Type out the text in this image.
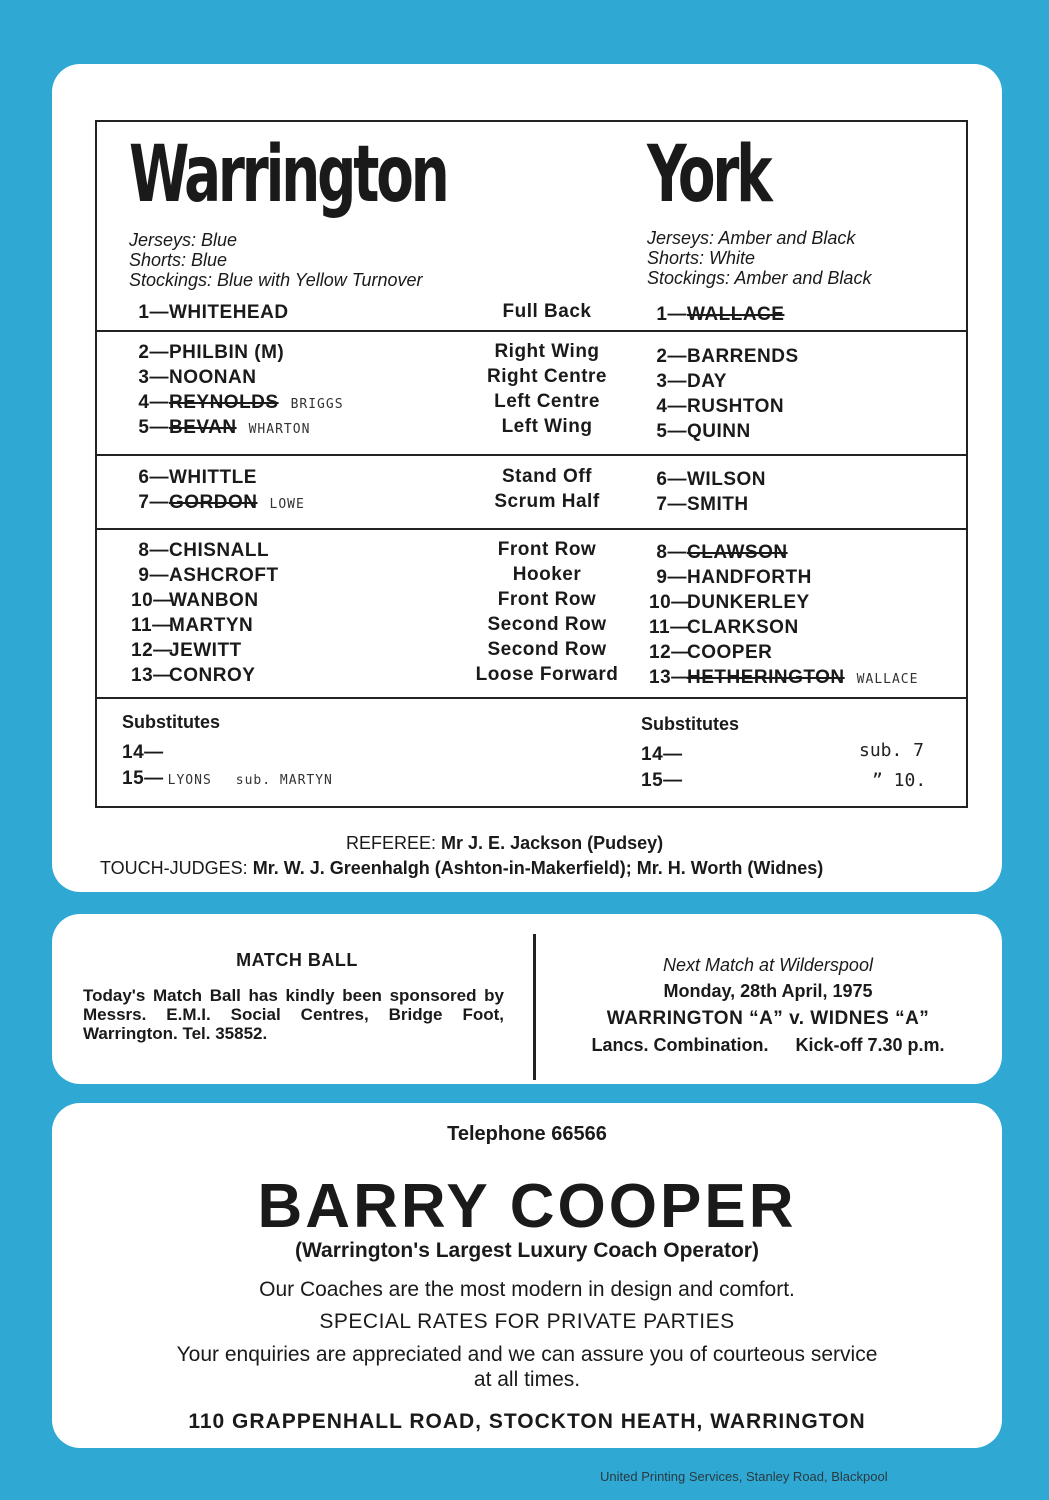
Warrington	York
Jerseys: Blue
Shorts: Blue
Stockings: Blue with Yellow Turnover
Jerseys: Amber and Black
Shorts: White
Stockings: Amber and Black
1—WHITEHEAD	Full Back	1—WALLACE
2—PHILBIN (M)	Right Wing	2—BARRENDS
3—NOONAN	Right Centre	3—DAY
4—REYNOLDS BRIGGS	Left Centre	4—RUSHTON
5—BEVAN WHARTON	Left Wing	5—QUINN
6—WHITTLE	Stand Off	6—WILSON
7—GORDON LOWE	Scrum Half	7—SMITH
8—CHISNALL	Front Row	8—CLAWSON
9—ASHCROFT	Hooker	9—HANDFORTH
10—WANBON	Front Row	10—DUNKERLEY
11—MARTYN	Second Row	11—CLARKSON
12—JEWITT	Second Row	12—COOPER
13—CONROY	Loose Forward	13—HETHERINGTON WALLACE
Substitutes	Substitutes
14—
15— LYONS sub. MARTYN
14—	sub. 7
15—	” 10.
REFEREE: Mr J. E. Jackson (Pudsey)
TOUCH-JUDGES: Mr. W. J. Greenhalgh (Ashton-in-Makerfield); Mr. H. Worth (Widnes)
MATCH BALL
Today's Match Ball has kindly been sponsored by Messrs. E.M.I. Social Centres, Bridge Foot, Warrington. Tel. 35852.
Next Match at Wilderspool
Monday, 28th April, 1975
WARRINGTON “A” v. WIDNES “A”
Lancs. Combination. Kick-off 7.30 p.m.
Telephone 66566
BARRY COOPER
(Warrington's Largest Luxury Coach Operator)
Our Coaches are the most modern in design and comfort.
SPECIAL RATES FOR PRIVATE PARTIES
Your enquiries are appreciated and we can assure you of courteous service
at all times.
110 GRAPPENHALL ROAD, STOCKTON HEATH, WARRINGTON
United Printing Services, Stanley Road, Blackpool
